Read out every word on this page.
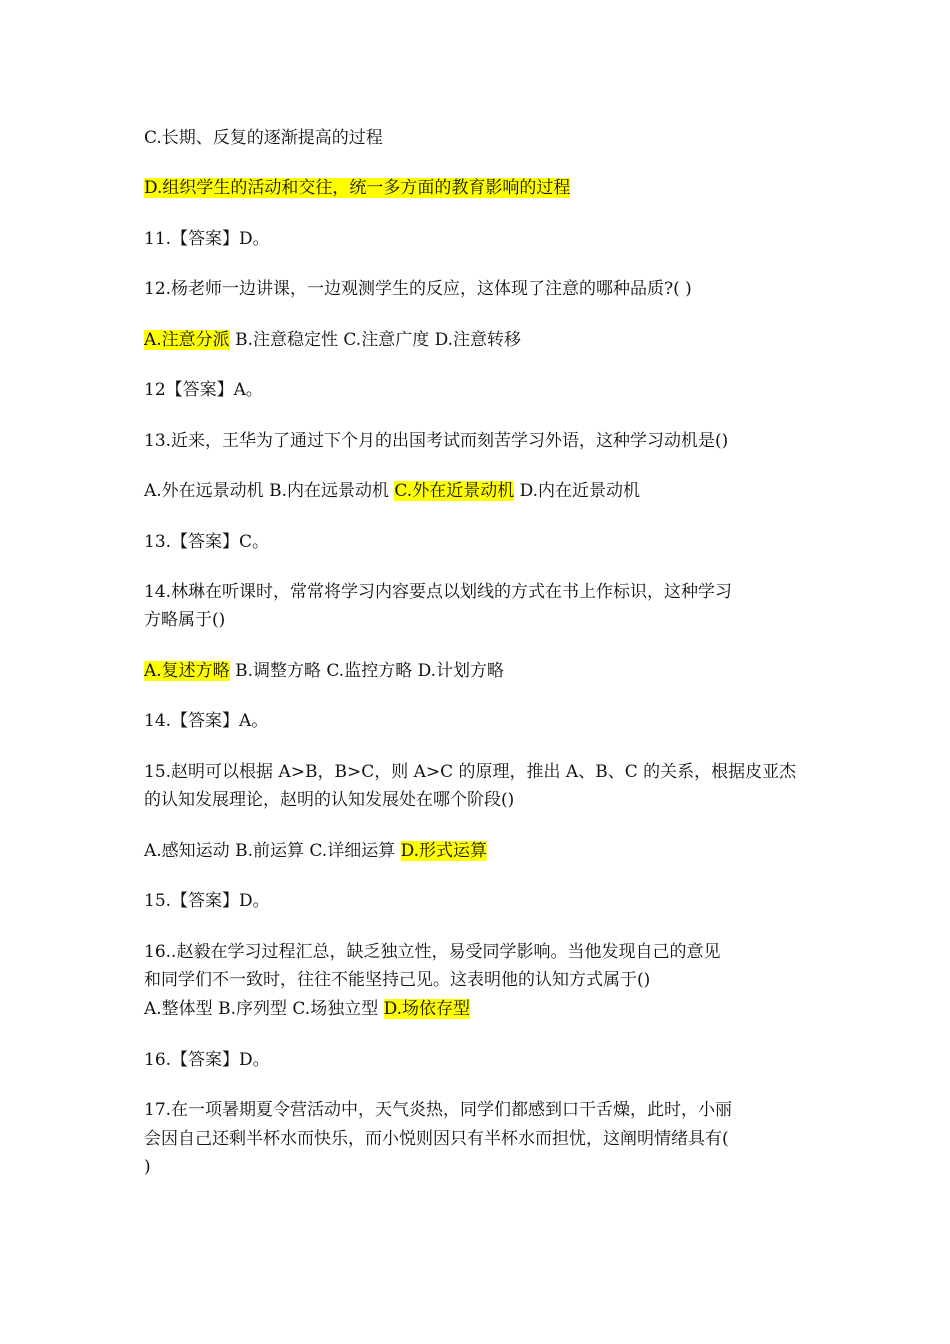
C.长期、反复的逐渐提高的过程
D.组织学生的活动和交往，统一多方面的教育影响的过程
11.【答案】D。
12.杨老师一边讲课，一边观测学生的反应，这体现了注意的哪种品质?( )
A.注意分派 B.注意稳定性 C.注意广度 D.注意转移
12【答案】A。
13.近来，王华为了通过下个月的出国考试而刻苦学习外语，这种学习动机是()
A.外在远景动机 B.内在远景动机 C.外在近景动机 D.内在近景动机
13.【答案】C。
14.林琳在听课时，常常将学习内容要点以划线的方式在书上作标识，这种学习
方略属于()
A.复述方略 B.调整方略 C.监控方略 D.计划方略
14.【答案】A。
15.赵明可以根据 A>B，B>C，则 A>C 的原理，推出 A、B、C 的关系，根据皮亚杰
的认知发展理论，赵明的认知发展处在哪个阶段()
A.感知运动 B.前运算 C.详细运算 D.形式运算
15.【答案】D。
16..赵毅在学习过程汇总，缺乏独立性，易受同学影响。当他发现自己的意见
和同学们不一致时，往往不能坚持己见。这表明他的认知方式属于()
A.整体型 B.序列型 C.场独立型 D.场依存型
16.【答案】D。
17.在一项暑期夏令营活动中，天气炎热，同学们都感到口干舌燥，此时，小丽
会因自己还剩半杯水而快乐，而小悦则因只有半杯水而担忧，这阐明情绪具有(
)
